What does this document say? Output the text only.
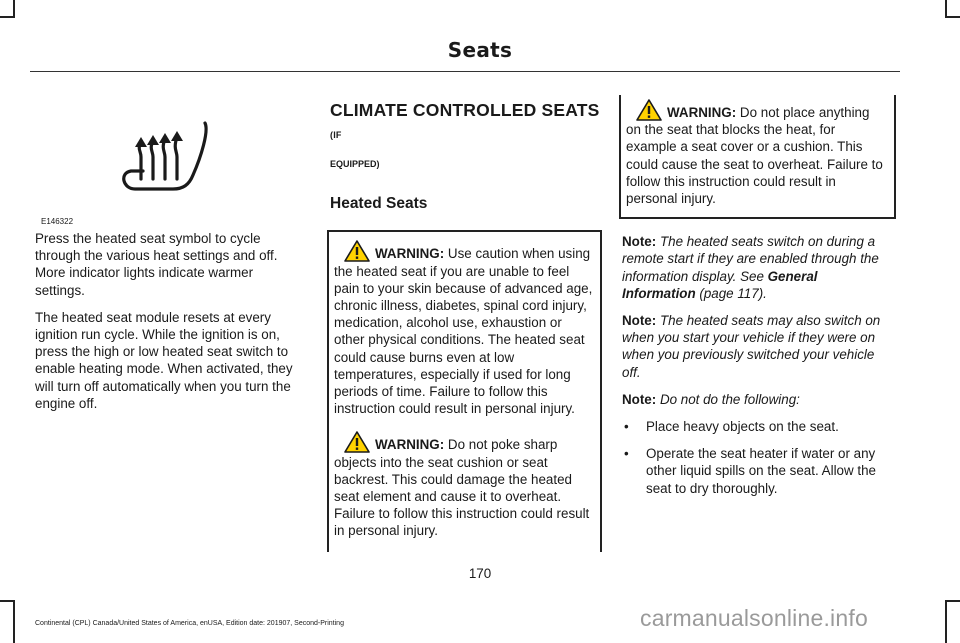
Seats
E146322

Press the heated seat symbol to cycle through the various heat settings and off. More indicator lights indicate warmer settings.

The heated seat module resets at every ignition run cycle. While the ignition is on, press the high or low heated seat switch to enable heating mode. When activated, they will turn off automatically when you turn the engine off.

CLIMATE CONTROLLED SEATS (IF
EQUIPPED)
Heated Seats
WARNING: Use caution when using the heated seat if you are unable to feel pain to your skin because of advanced age, chronic illness, diabetes, spinal cord injury, medication, alcohol use, exhaustion or other physical conditions. The heated seat could cause burns even at low temperatures, especially if used for long periods of time. Failure to follow this instruction could result in personal injury.
WARNING: Do not poke sharp objects into the seat cushion or seat backrest. This could damage the heated seat element and cause it to overheat. Failure to follow this instruction could result in personal injury.
WARNING: Do not place anything on the seat that blocks the heat, for example a seat cover or a cushion. This could cause the seat to overheat. Failure to follow this instruction could result in personal injury.

Note: The heated seats switch on during a remote start if they are enabled through the information display. See General Information (page 117).

Note: The heated seats may also switch on when you start your vehicle if they were on when you previously switched your vehicle off.

Note: Do not do the following:

• Place heavy objects on the seat.
• Operate the seat heater if water or any other liquid spills on the seat. Allow the seat to dry thoroughly.
170
Continental (CPL) Canada/United States of America, enUSA, Edition date: 201907, Second-Printing	carmanualsonline.info
